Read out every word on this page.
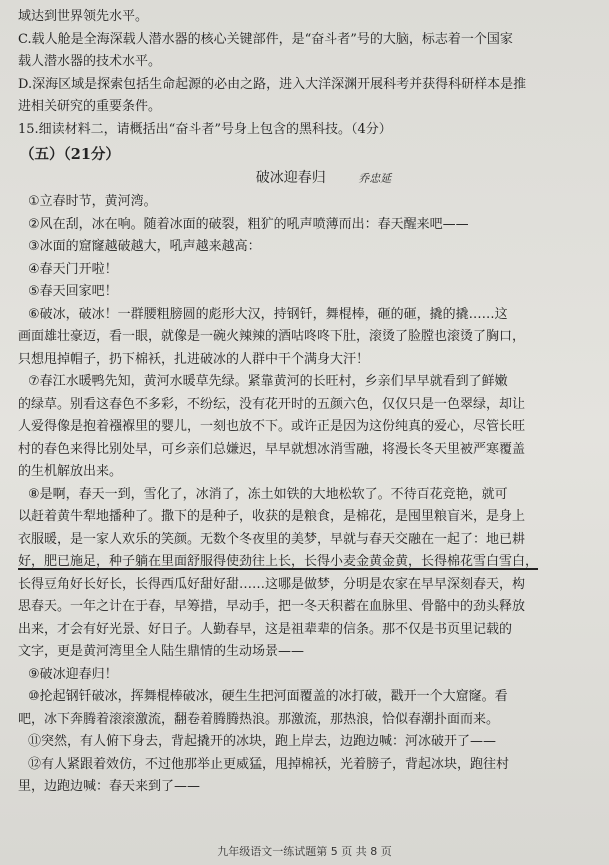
域达到世界领先水平。
C.载人舱是全海深载人潜水器的核心关键部件，是“奋斗者”号的大脑，标志着一个国家
载人潜水器的技术水平。
D.深海区域是探索包括生命起源的必由之路，进入大洋深渊开展科考并获得科研样本是推
进相关研究的重要条件。
15.细读材料二，请概括出“奋斗者”号身上包含的黑科技。（4分）
（五）（21分）
破冰迎春归	乔忠延
①立春时节，黄河湾。
②风在刮，冰在响。随着冰面的破裂，粗犷的吼声喷薄而出：春天醒来吧——
③冰面的窟窿越破越大，吼声越来越高：
④春天门开啦！
⑤春天回家吧！
⑥破冰，破冰！一群腰粗膀圆的彪形大汉，持钢钎，舞棍棒，砸的砸，撬的撬……这
画面雄壮豪迈，看一眼，就像是一碗火辣辣的酒咕咚咚下肚，滚烫了脸膛也滚烫了胸口，
只想甩掉帽子，扔下棉袄，扎进破冰的人群中干个满身大汗！
⑦春江水暖鸭先知，黄河水暖草先绿。紧靠黄河的长旺村，乡亲们早早就看到了鲜嫩
的绿草。别看这春色不多彩，不纷纭，没有花开时的五颜六色，仅仅只是一色翠绿，却让
人爱得像是抱着襁褓里的婴儿，一刻也放不下。或许正是因为这份纯真的爱心，尽管长旺
村的春色来得比别处早，可乡亲们总嫌迟，早早就想冰消雪融，将漫长冬天里被严寒覆盖
的生机解放出来。
⑧是啊，春天一到，雪化了，冰消了，冻土如铁的大地松软了。不待百花竞艳，就可
以赶着黄牛犁地播种了。撒下的是种子，收获的是粮食，是棉花，是囤里粮盲米，是身上
衣服暖，是一家人欢乐的笑颜。无数个冬夜里的美梦，早就与春天交融在一起了：地已耕
好，肥已施足，种子躺在里面舒服得使劲往上长，长得小麦金黄金黄，长得棉花雪白雪白，
长得豆角好长好长，长得西瓜好甜好甜……这哪是做梦，分明是农家在早早深刻春天，构
思春天。一年之计在于春，早筹措，早动手，把一冬天积蓄在血脉里、骨骼中的劲头释放
出来，才会有好光景、好日子。人勤春早，这是祖辈辈的信条。那不仅是书页里记载的
文字，更是黄河湾里全人陆生鼎情的生动场景——
⑨破冰迎春归！
⑩抡起钢钎破冰，挥舞棍棒破冰，硬生生把河面覆盖的冰打破，戳开一个大窟窿。看
吧，冰下奔腾着滚滚激流，翻卷着腾腾热浪。那激流，那热浪，恰似春潮扑面而来。
⑪突然，有人俯下身去，背起撬开的冰块，跑上岸去，边跑边喊：河冰破开了——
⑫有人紧跟着效仿，不过他那举止更威猛，甩掉棉袄，光着膀子，背起冰块，跑往村
里，边跑边喊：春天来到了——
九年级语文一练试题第 5 页 共 8 页
